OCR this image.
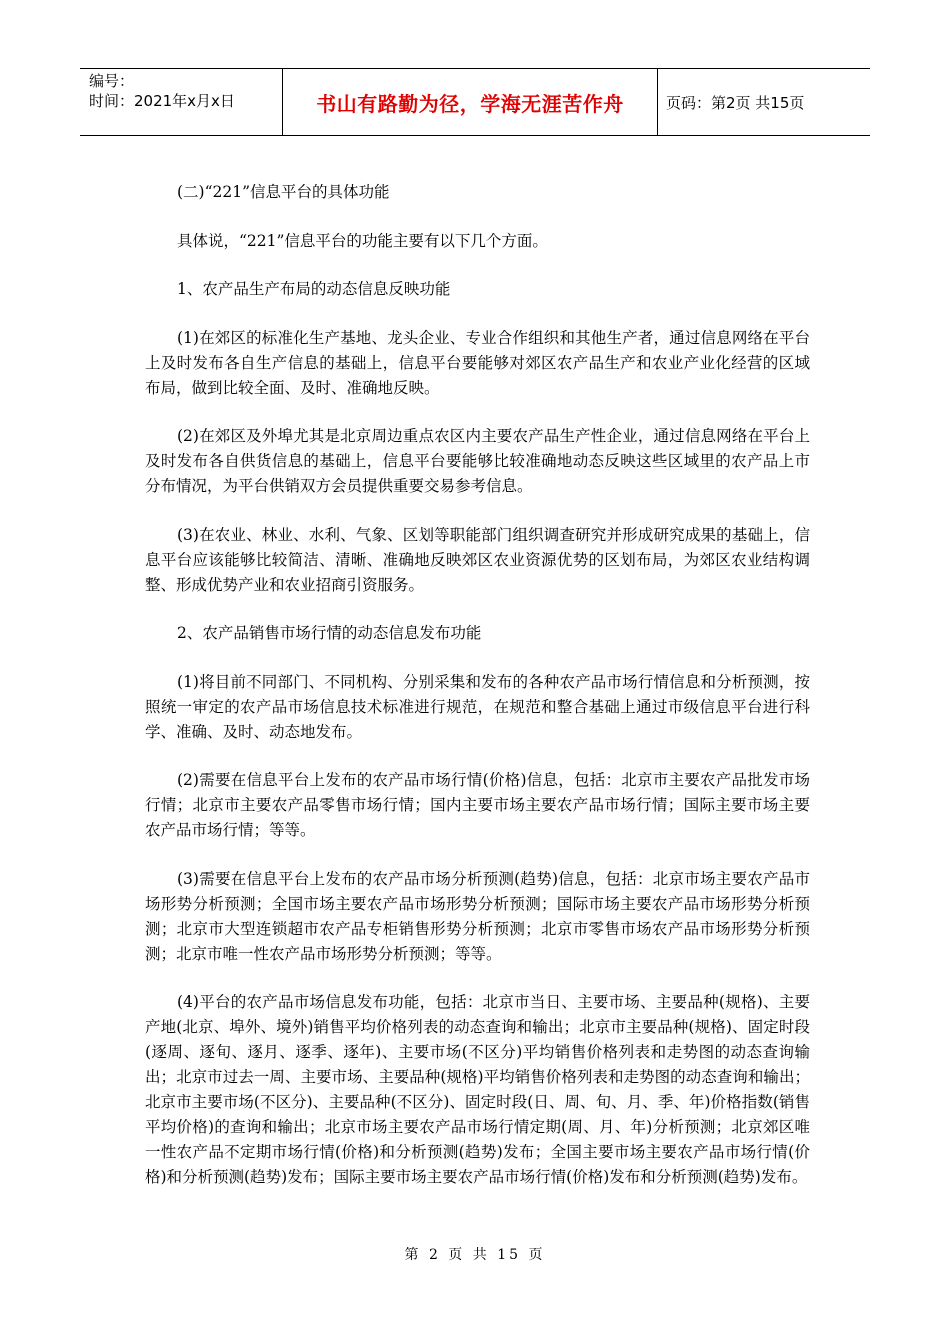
编号：
时间：2021年x月x日	书山有路勤为径，学海无涯苦作舟	页码：第2页 共15页

(二)“221”信息平台的具体功能

具体说，“221”信息平台的功能主要有以下几个方面。

1、农产品生产布局的动态信息反映功能

(1)在郊区的标准化生产基地、龙头企业、专业合作组织和其他生产者，通过信息网络在平台上及时发布各自生产信息的基础上，信息平台要能够对郊区农产品生产和农业产业化经营的区域布局，做到比较全面、及时、准确地反映。

(2)在郊区及外埠尤其是北京周边重点农区内主要农产品生产性企业，通过信息网络在平台上及时发布各自供货信息的基础上，信息平台要能够比较准确地动态反映这些区域里的农产品上市分布情况，为平台供销双方会员提供重要交易参考信息。

(3)在农业、林业、水利、气象、区划等职能部门组织调查研究并形成研究成果的基础上，信息平台应该能够比较简洁、清晰、准确地反映郊区农业资源优势的区划布局，为郊区农业结构调整、形成优势产业和农业招商引资服务。

2、农产品销售市场行情的动态信息发布功能

(1)将目前不同部门、不同机构、分别采集和发布的各种农产品市场行情信息和分析预测，按照统一审定的农产品市场信息技术标准进行规范，在规范和整合基础上通过市级信息平台进行科学、准确、及时、动态地发布。

(2)需要在信息平台上发布的农产品市场行情(价格)信息，包括：北京市主要农产品批发市场行情；北京市主要农产品零售市场行情；国内主要市场主要农产品市场行情；国际主要市场主要农产品市场行情；等等。

(3)需要在信息平台上发布的农产品市场分析预测(趋势)信息，包括：北京市场主要农产品市场形势分析预测；全国市场主要农产品市场形势分析预测；国际市场主要农产品市场形势分析预测；北京市大型连锁超市农产品专柜销售形势分析预测；北京市零售市场农产品市场形势分析预测；北京市唯一性农产品市场形势分析预测；等等。

(4)平台的农产品市场信息发布功能，包括：北京市当日、主要市场、主要品种(规格)、主要产地(北京、埠外、境外)销售平均价格列表的动态查询和输出；北京市主要品种(规格)、固定时段(逐周、逐旬、逐月、逐季、逐年)、主要市场(不区分)平均销售价格列表和走势图的动态查询输出；北京市过去一周、主要市场、主要品种(规格)平均销售价格列表和走势图的动态查询和输出；北京市主要市场(不区分)、主要品种(不区分)、固定时段(日、周、旬、月、季、年)价格指数(销售平均价格)的查询和输出；北京市场主要农产品市场行情定期(周、月、年)分析预测；北京郊区唯一性农产品不定期市场行情(价格)和分析预测(趋势)发布；全国主要市场主要农产品市场行情(价格)和分析预测(趋势)发布；国际主要市场主要农产品市场行情(价格)发布和分析预测(趋势)发布。

第 2 页 共 15 页
